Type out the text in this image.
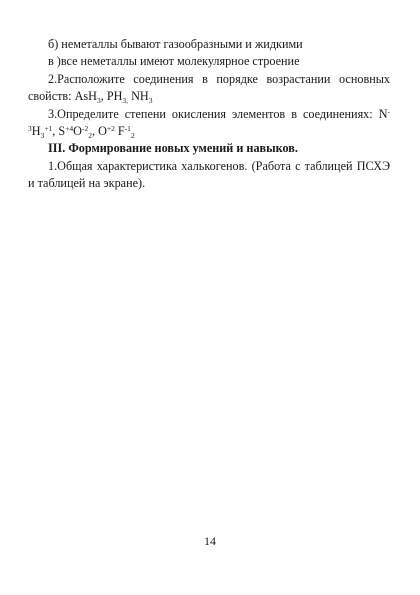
б) неметаллы бывают газообразными и жидкими

в )все неметаллы имеют молекулярное строение

2.Расположите соединения в порядке возрастании основных свойств: AsH$_3$, $PH_{3,}$ $NH_3$

3.Определите степени окисления элементов в соединениях: $N^{-3}H_3^{+1}$, $S^{+4}O^{-2}_2$, $O^{+2}$ $F^{-1}_2$

III. Формирование новых умений и навыков.

1.Общая характеристика халькогенов. (Работа с таблицей ПСХЭ и таблицей на экране).

14
